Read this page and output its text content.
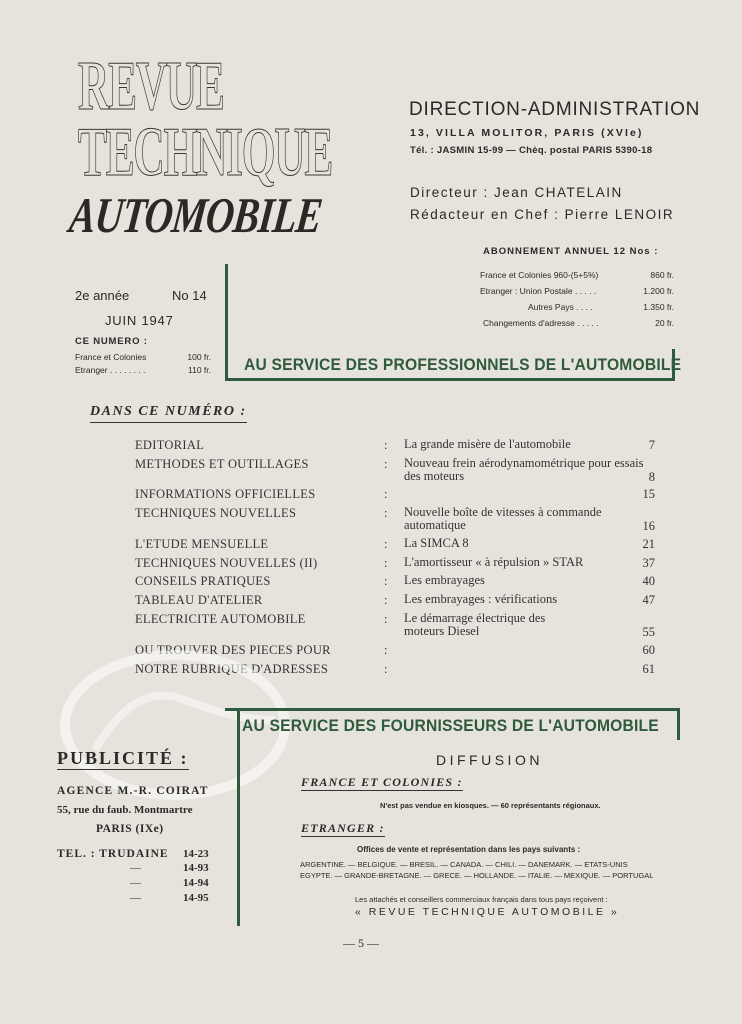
REVUE
TECHNIQUE
AUTOMOBILE
DIRECTION-ADMINISTRATION
13, VILLA MOLITOR, PARIS (XVIe)
Tél. : JASMIN 15-99 — Chèq. postal PARIS 5390-18
Directeur : Jean CHATELAIN
Rédacteur en Chef : Pierre LENOIR
ABONNEMENT ANNUEL 12 Nos :
France et Colonies 960-(5+5%)	860 fr.
Etranger : Union Postale . . . . .	1.200 fr.
Autres Pays . . . .	1.350 fr.
Changements d'adresse . . . . .	20 fr.
2e année	No 14
JUIN 1947
CE NUMERO :
France et Colonies	100 fr.
Etranger . . . . . . . .	110 fr. AU SERVICE DES PROFESSIONNELS DE L'AUTOMOBILE
DANS CE NUMÉRO :
EDITORIAL	: La grande misère de l'automobile	7
METHODES ET OUTILLAGES	: Nouveau frein aérodynamométrique pour essais des moteurs	8
INFORMATIONS OFFICIELLES	:	15
TECHNIQUES NOUVELLES	: Nouvelle boîte de vitesses à commande automatique	16
L'ETUDE MENSUELLE	: La SIMCA 8	21
TECHNIQUES NOUVELLES (II)	: L'amortisseur « à répulsion » STAR	37
CONSEILS PRATIQUES	: Les embrayages	40
TABLEAU D'ATELIER	: Les embrayages : vérifications	47
ELECTRICITE AUTOMOBILE	: Le démarrage électrique des moteurs Diesel	55
OU TROUVER DES PIECES POUR	:	60
NOTRE RUBRIQUE D'ADRESSES	:	61
AU SERVICE DES FOURNISSEURS DE L'AUTOMOBILE
PUBLICITÉ :
AGENCE M.-R. COIRAT
55, rue du faub. Montmartre
PARIS (IXe)
TEL. : TRUDAINE 14-23
—	14-93
—	14-94
—	14-95
DIFFUSION
FRANCE ET COLONIES :
N'est pas vendue en kiosques. — 60 représentants régionaux.
ETRANGER :
Offices de vente et représentation dans les pays suivants :
ARGENTINE. — BELGIQUE. — BRESIL. — CANADA. — CHILI. — DANEMARK. — ETATS-UNIS
EGYPTE. — GRANDE-BRETAGNE. — GRECE. — HOLLANDE. — ITALIE. — MEXIQUE. — PORTUGAL
Les attachés et conseillers commerciaux français dans tous pays reçoivent :
« REVUE TECHNIQUE AUTOMOBILE »
— 5 —
